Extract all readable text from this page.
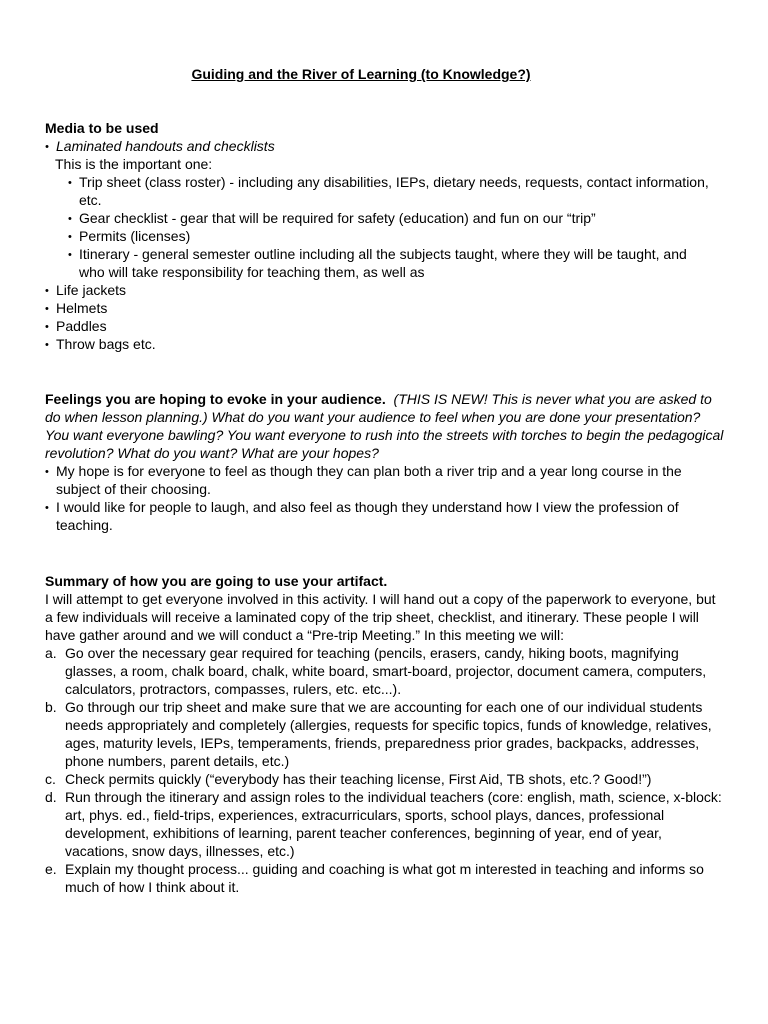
Guiding and the River of Learning (to Knowledge?)

Media to be used

• Laminated handouts and checklists
This is the important one:
• Trip sheet (class roster) - including any disabilities, IEPs, dietary needs, requests, contact information, etc.
• Gear checklist - gear that will be required for safety (education) and fun on our “trip”
• Permits (licenses)
• Itinerary - general semester outline including all the subjects taught, where they will be taught, and who will take responsibility for teaching them, as well as
• Life jackets
• Helmets
• Paddles
• Throw bags etc.

Feelings you are hoping to evoke in your audience. (THIS IS NEW! This is never what you are asked to do when lesson planning.) What do you want your audience to feel when you are done your presentation? You want everyone bawling? You want everyone to rush into the streets with torches to begin the pedagogical revolution? What do you want? What are your hopes?

• My hope is for everyone to feel as though they can plan both a river trip and a year long course in the subject of their choosing.
• I would like for people to laugh, and also feel as though they understand how I view the profession of teaching.

Summary of how you are going to use your artifact.

I will attempt to get everyone involved in this activity. I will hand out a copy of the paperwork to everyone, but a few individuals will receive a laminated copy of the trip sheet, checklist, and itinerary. These people I will have gather around and we will conduct a “Pre-trip Meeting.” In this meeting we will:

a. Go over the necessary gear required for teaching (pencils, erasers, candy, hiking boots, magnifying glasses, a room, chalk board, chalk, white board, smart-board, projector, document camera, computers, calculators, protractors, compasses, rulers, etc. etc...).
b. Go through our trip sheet and make sure that we are accounting for each one of our individual students needs appropriately and completely (allergies, requests for specific topics, funds of knowledge, relatives, ages, maturity levels, IEPs, temperaments, friends, preparedness prior grades, backpacks, addresses, phone numbers, parent details, etc.)
c. Check permits quickly (“everybody has their teaching license, First Aid, TB shots, etc.? Good!”)
d. Run through the itinerary and assign roles to the individual teachers (core: english, math, science, x-block: art, phys. ed., field-trips, experiences, extracurriculars, sports, school plays, dances, professional development, exhibitions of learning, parent teacher conferences, beginning of year, end of year, vacations, snow days, illnesses, etc.)
e. Explain my thought process... guiding and coaching is what got m interested in teaching and informs so much of how I think about it.
